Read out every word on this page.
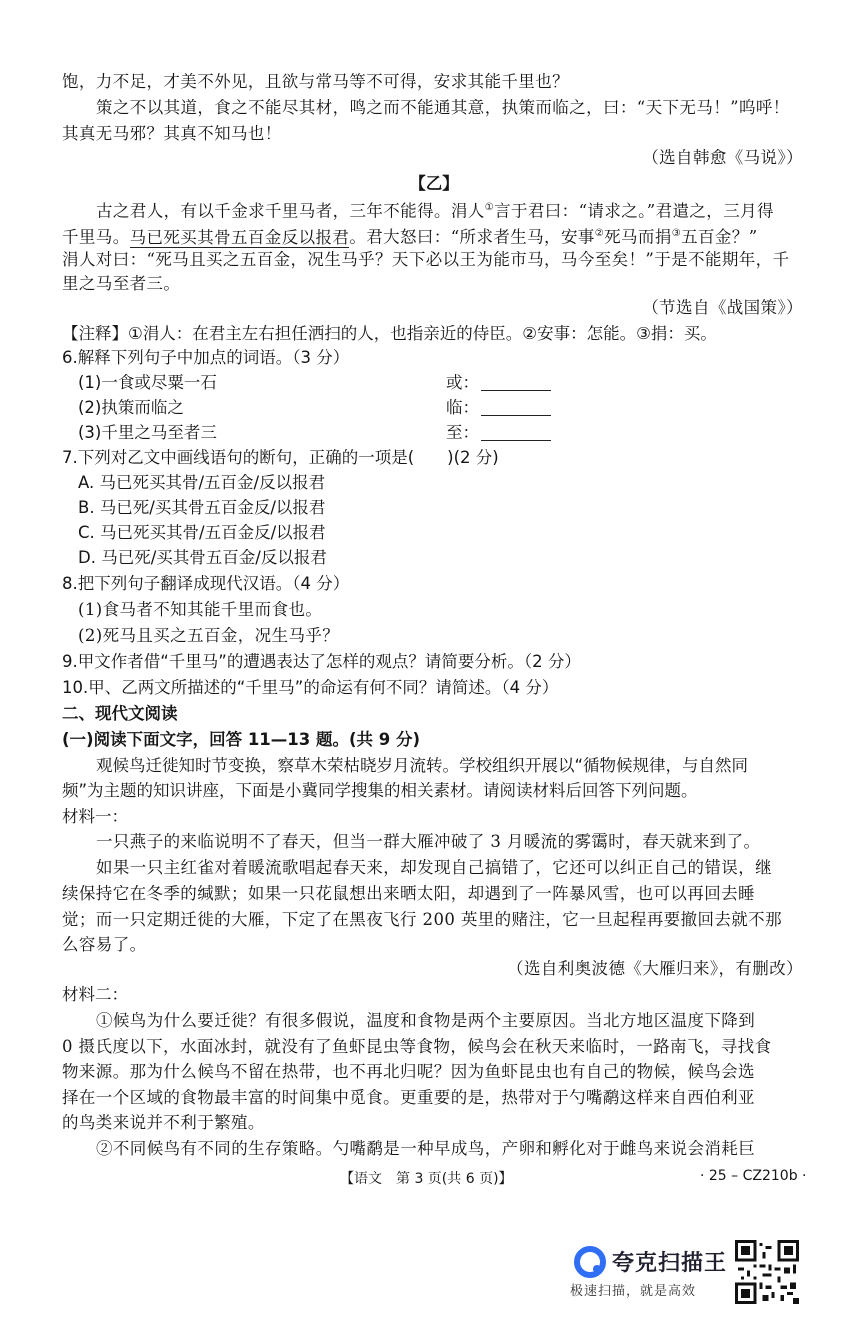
饱，力不足，才美不外见，且欲与常马等不可得，安求其能千里也？
策之不以其道，食之不能尽其材，鸣之而不能通其意，执策而临之，曰：“天下无马！”呜呼！
其真无马邪？其真不知马也！
（选自韩愈《马说》）
【乙】
古之君人，有以千金求千里马者，三年不能得。涓人①言于君曰：“请求之。”君遣之，三月得
千里马。马已死买其骨五百金反以报君。君大怒曰：“所求者生马，安事②死马而捐③五百金？”
涓人对曰：“死马且买之五百金，况生马乎？天下必以王为能市马，马今至矣！”于是不能期年，千
里之马至者三。
（节选自《战国策》）
【注释】①涓人：在君主左右担任洒扫的人，也指亲近的侍臣。②安事：怎能。③捐：买。
6.解释下列句子中加点的词语。（3 分）
(1)一食或尽粟一石	或：
(2)执策而临之	临：
(3)千里之马至者三	至：
7.下列对乙文中画线语句的断句，正确的一项是(　　)(2 分)
A. 马已死买其骨/五百金/反以报君
B. 马已死/买其骨五百金反/以报君
C. 马已死买其骨/五百金反/以报君
D. 马已死/买其骨五百金/反以报君
8.把下列句子翻译成现代汉语。（4 分）
(1)食马者不知其能千里而食也。
(2)死马且买之五百金，况生马乎？
9.甲文作者借“千里马”的遭遇表达了怎样的观点？请简要分析。（2 分）
10.甲、乙两文所描述的“千里马”的命运有何不同？请简述。（4 分）
二、现代文阅读
(一)阅读下面文字，回答 11—13 题。(共 9 分)
观候鸟迁徙知时节变换，察草木荣枯晓岁月流转。学校组织开展以“循物候规律，与自然同
频”为主题的知识讲座，下面是小冀同学搜集的相关素材。请阅读材料后回答下列问题。
材料一：
一只燕子的来临说明不了春天，但当一群大雁冲破了 3 月暖流的雾霭时，春天就来到了。
如果一只主红雀对着暖流歌唱起春天来，却发现自己搞错了，它还可以纠正自己的错误，继
续保持它在冬季的缄默；如果一只花鼠想出来晒太阳，却遇到了一阵暴风雪，也可以再回去睡
觉；而一只定期迁徙的大雁，下定了在黑夜飞行 200 英里的赌注，它一旦起程再要撤回去就不那
么容易了。
（选自利奥波德《大雁归来》，有删改）
材料二：
①候鸟为什么要迁徙？有很多假说，温度和食物是两个主要原因。当北方地区温度下降到
0 摄氏度以下，水面冰封，就没有了鱼虾昆虫等食物，候鸟会在秋天来临时，一路南飞，寻找食
物来源。那为什么候鸟不留在热带，也不再北归呢？因为鱼虾昆虫也有自己的物候，候鸟会选
择在一个区域的食物最丰富的时间集中觅食。更重要的是，热带对于勺嘴鹬这样来自西伯利亚
的鸟类来说并不利于繁殖。
②不同候鸟有不同的生存策略。勺嘴鹬是一种早成鸟，产卵和孵化对于雌鸟来说会消耗巨
【语文　第 3 页(共 6 页)】	· 25 – CZ210b ·
夸克扫描王
极速扫描，就是高效
